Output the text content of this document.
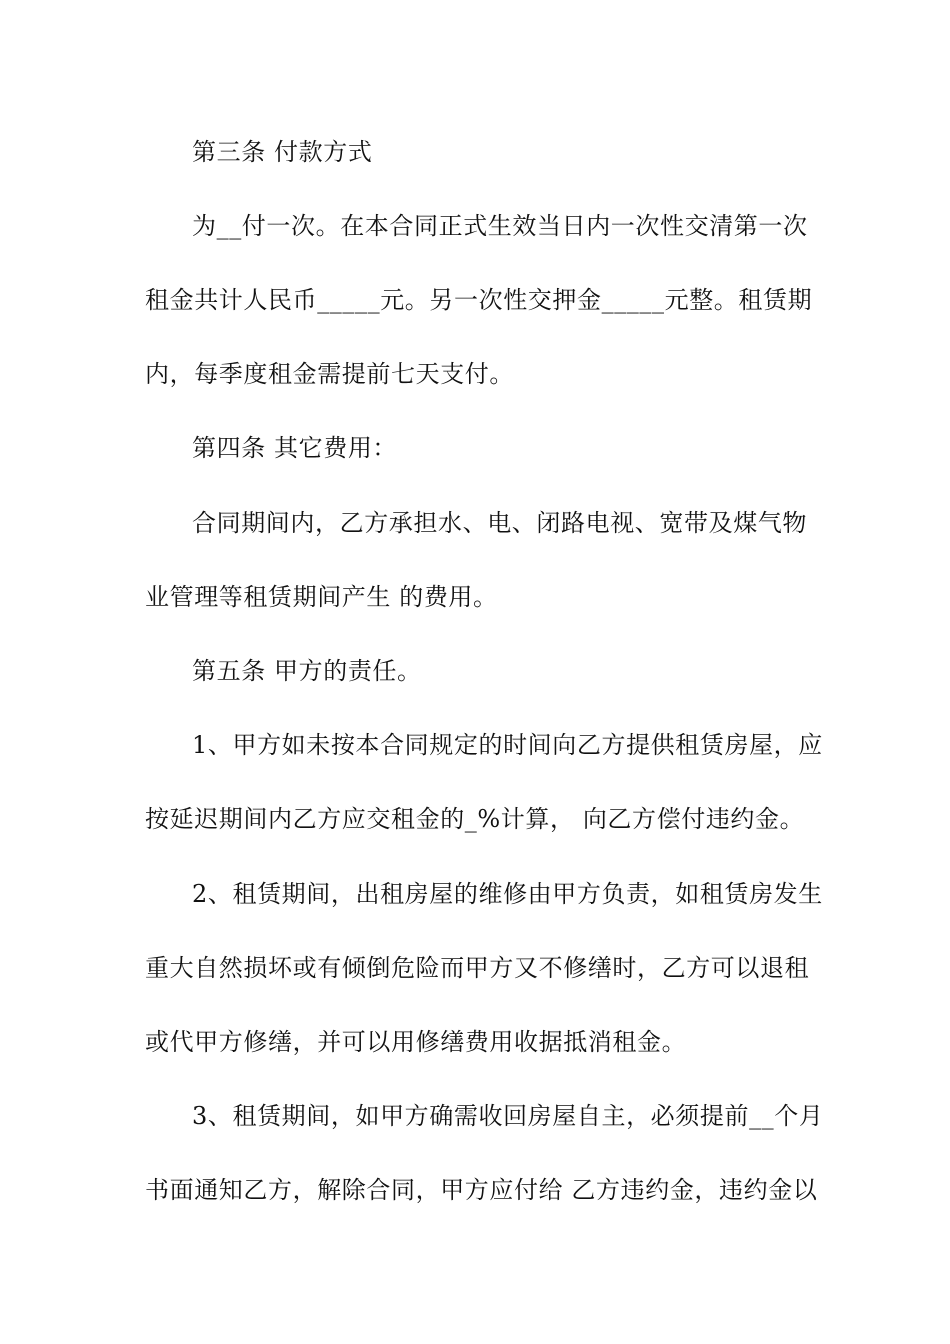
第三条 付款方式
为__付一次。在本合同正式生效当日内一次性交清第一次
租金共计人民币_____元。另一次性交押金_____元整。租赁期
内，每季度租金需提前七天支付。
第四条 其它费用：
合同期间内，乙方承担水、电、闭路电视、宽带及煤气物
业管理等租赁期间产生 的费用。
第五条 甲方的责任。
1、甲方如未按本合同规定的时间向乙方提供租赁房屋，应
按延迟期间内乙方应交租金的_%计算， 向乙方偿付违约金。
2、租赁期间，出租房屋的维修由甲方负责，如租赁房发生
重大自然损坏或有倾倒危险而甲方又不修缮时，乙方可以退租
或代甲方修缮，并可以用修缮费用收据抵消租金。
3、租赁期间，如甲方确需收回房屋自主，必须提前__个月
书面通知乙方，解除合同，甲方应付给 乙方违约金，违约金以
